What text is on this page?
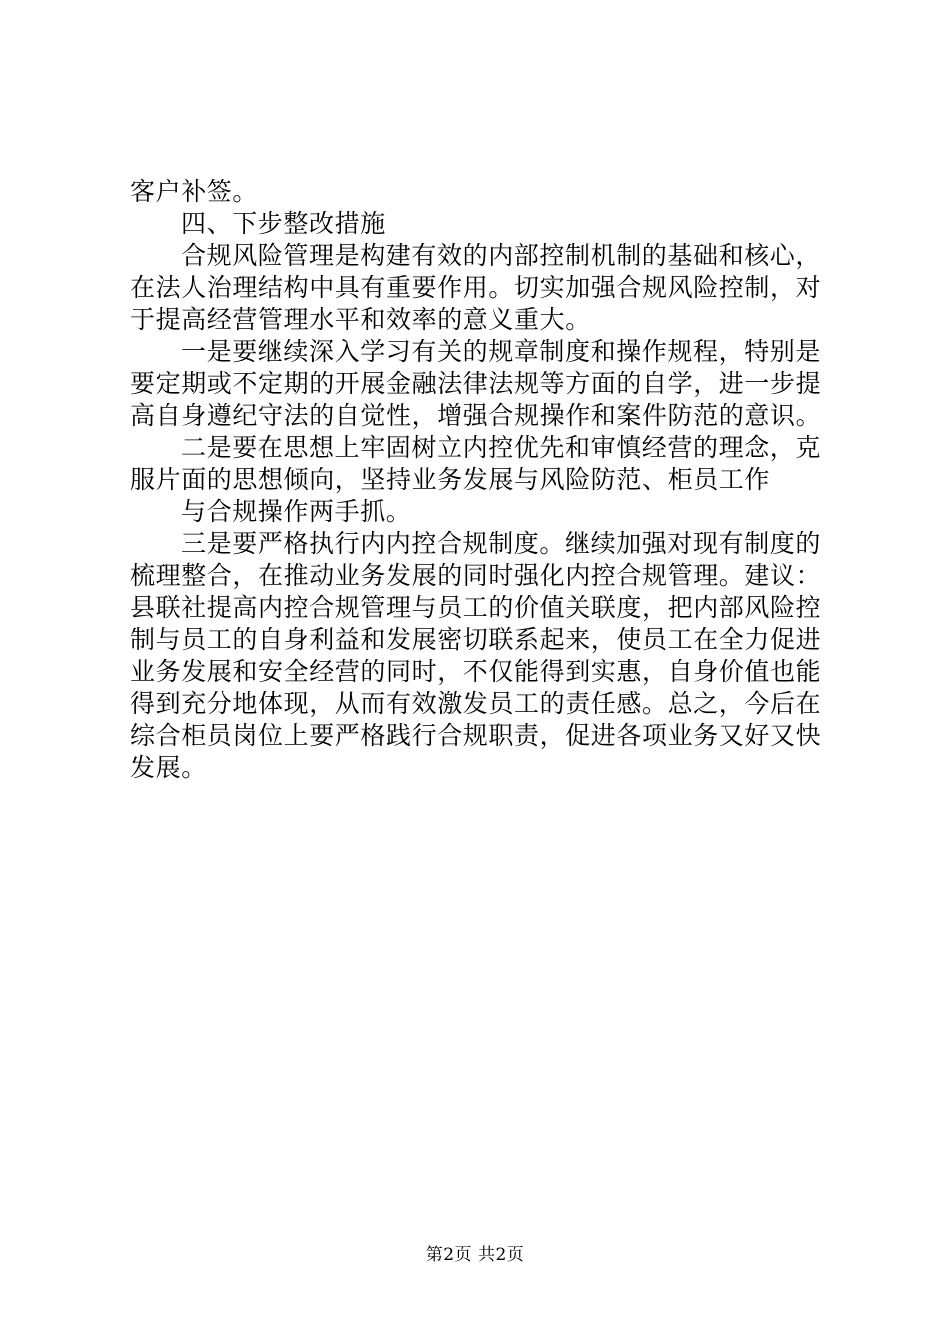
客户补签。
四、下步整改措施
合规风险管理是构建有效的内部控制机制的基础和核心，
在法人治理结构中具有重要作用。切实加强合规风险控制，对
于提高经营管理水平和效率的意义重大。
一是要继续深入学习有关的规章制度和操作规程，特别是
要定期或不定期的开展金融法律法规等方面的自学，进一步提
高自身遵纪守法的自觉性，增强合规操作和案件防范的意识。
二是要在思想上牢固树立内控优先和审慎经营的理念，克
服片面的思想倾向，坚持业务发展与风险防范、柜员工作
与合规操作两手抓。
三是要严格执行内内控合规制度。继续加强对现有制度的
梳理整合，在推动业务发展的同时强化内控合规管理。建议：
县联社提高内控合规管理与员工的价值关联度，把内部风险控
制与员工的自身利益和发展密切联系起来，使员工在全力促进
业务发展和安全经营的同时，不仅能得到实惠，自身价值也能
得到充分地体现，从而有效激发员工的责任感。总之，今后在
综合柜员岗位上要严格践行合规职责，促进各项业务又好又快
发展。
第2页 共2页
